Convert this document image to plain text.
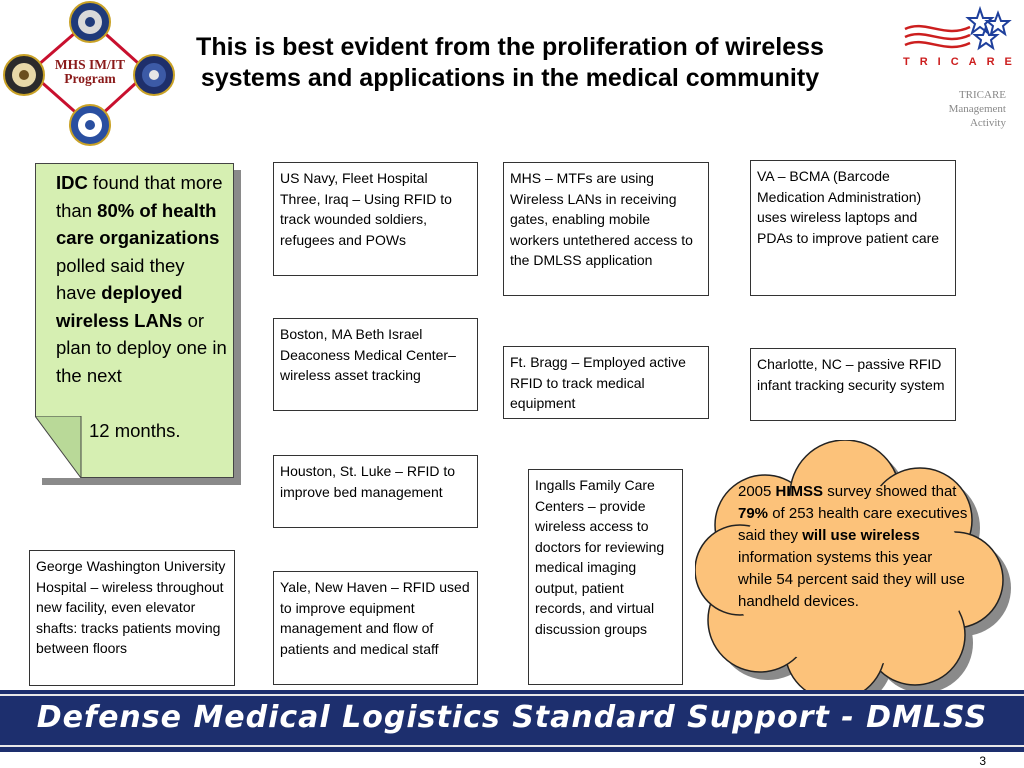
MHS IM/IT
Program
This is best evident from the proliferation of wireless systems and applications in the medical community
TRICARE
TRICARE
Management
Activity
IDC found that more than 80% of health care organizations polled said they have deployed wireless LANs or plan to deploy one in the next
12 months.
US Navy, Fleet Hospital Three, Iraq – Using RFID to track wounded soldiers, refugees and POWs
MHS – MTFs are using Wireless LANs in receiving gates, enabling mobile workers untethered access to the DMLSS application
VA – BCMA (Barcode Medication Administration) uses wireless laptops and PDAs to improve patient care
Boston, MA Beth Israel Deaconess Medical Center– wireless asset tracking
Ft. Bragg – Employed active RFID to track medical equipment
Charlotte, NC – passive RFID infant tracking security system
Houston, St. Luke – RFID to improve bed management	Ingalls Family Care Centers – provide wireless access to doctors for reviewing medical imaging output, patient records, and virtual discussion groups
George Washington University Hospital – wireless throughout new facility, even elevator shafts: tracks patients moving between floors
Yale, New Haven – RFID used to improve equipment management and flow of patients and medical staff
2005 HIMSS survey showed that 79% of 253 health care executives said they will use wireless information systems this year while 54 percent said they will use handheld devices.
Defense Medical Logistics Standard Support - DMLSS
3
